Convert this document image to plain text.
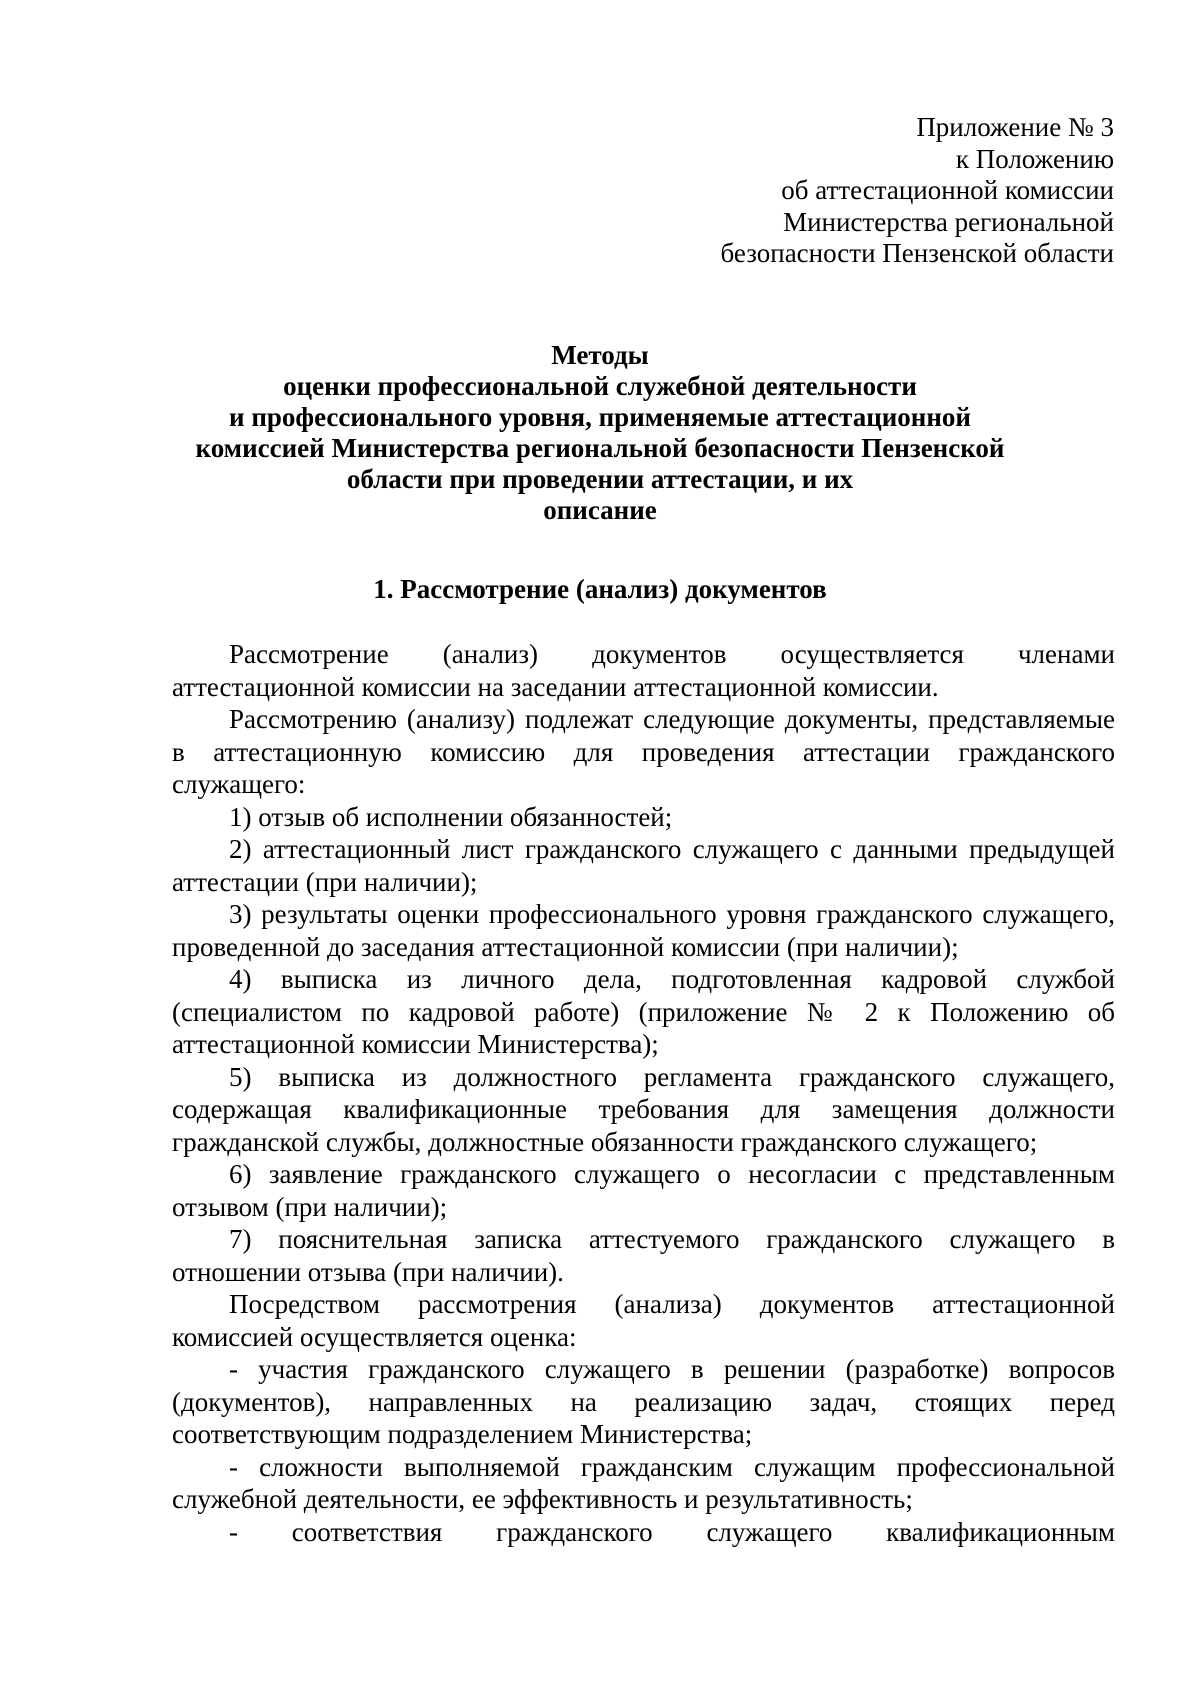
Приложение № 3
к Положению
об аттестационной комиссии
Министерства региональной
безопасности Пензенской области
Методы
оценки профессиональной служебной деятельности
и профессионального уровня, применяемые аттестационной
комиссией Министерства региональной безопасности Пензенской
области при проведении аттестации, и их
описание
1. Рассмотрение (анализ) документов

Рассмотрение (анализ) документов осуществляется членами аттестационной комиссии на заседании аттестационной комиссии.

Рассмотрению (анализу) подлежат следующие документы, представляемые в аттестационную комиссию для проведения аттестации гражданского служащего:

1) отзыв об исполнении обязанностей;

2) аттестационный лист гражданского служащего с данными предыдущей аттестации (при наличии);

3) результаты оценки профессионального уровня гражданского служащего, проведенной до заседания аттестационной комиссии (при наличии);

4) выписка из личного дела, подготовленная кадровой службой (специалистом по кадровой работе) (приложение № 2 к Положению об аттестационной комиссии Министерства);

5) выписка из должностного регламента гражданского служащего, содержащая квалификационные требования для замещения должности гражданской службы, должностные обязанности гражданского служащего;

6) заявление гражданского служащего о несогласии с представленным отзывом (при наличии);

7) пояснительная записка аттестуемого гражданского служащего в отношении отзыва (при наличии).

Посредством рассмотрения (анализа) документов аттестационной комиссией осуществляется оценка:

- участия гражданского служащего в решении (разработке) вопросов (документов), направленных на реализацию задач, стоящих перед соответствующим подразделением Министерства;

- сложности выполняемой гражданским служащим профессиональной служебной деятельности, ее эффективность и результативность;

- соответствия гражданского служащего квалификационным
